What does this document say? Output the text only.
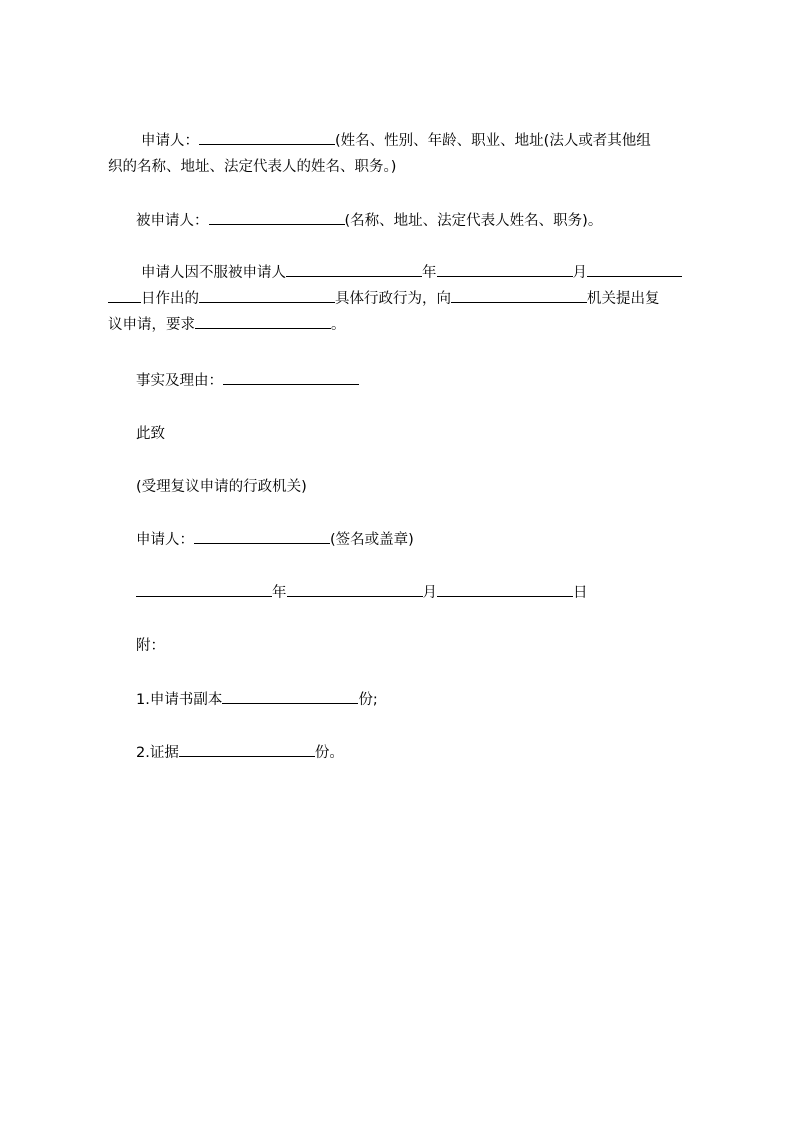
申请人：	(姓名、性别、年龄、职业、地址(法人或者其他组
织的名称、地址、法定代表人的姓名、职务。)
被申请人：	(名称、地址、法定代表人姓名、职务)。
申请人因不服被申请人	年	月
日作出的	具体行政行为，向	机关提出复
议申请，要求	。
事实及理由：
此致
(受理复议申请的行政机关)
申请人：	(签名或盖章)
年	月	日
附：
1.申请书副本	份;
2.证据	份。
